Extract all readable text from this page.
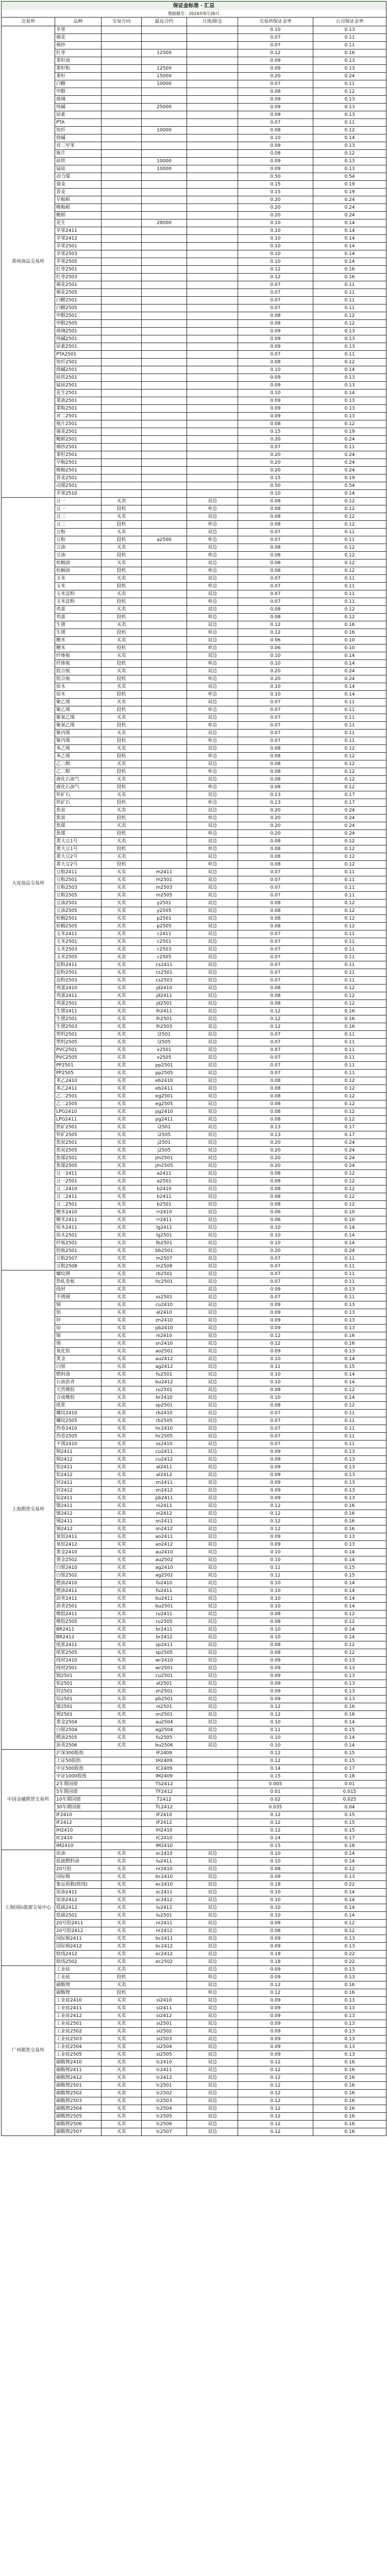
保证金标准 · 汇总						
数据截至：2024年8月26日						
交易所	品种	交易方向	最近合约	月度/限仓	交易所保证金率	公司保证金率
郑州商品交易所	苹果				0.10	0.13
	棉花				0.07	0.11
	棉纱				0.07	0.11
	红枣		12500		0.12	0.16
	菜籽油				0.09	0.13
	菜籽粕		12500		0.09	0.13
	菜籽		15000		0.20	0.24
	白糖		10000		0.07	0.11
	甲醇				0.08	0.12
	玻璃				0.09	0.13
	纯碱		25000		0.09	0.13
	尿素				0.09	0.13
	PTA				0.07	0.11
	短纤		10000		0.08	0.12
	烧碱				0.10	0.14
	对二甲苯				0.09	0.13
	瓶片				0.08	0.12
	硅铁		10000		0.09	0.13
	锰硅		10000		0.09	0.13
	动力煤				0.50	0.54
	强麦				0.15	0.19
	普麦				0.15	0.19
	早籼稻				0.20	0.24
	晚籼稻				0.20	0.24
	粳稻				0.20	0.24
	花生		28000		0.10	0.14
	苹果2411				0.10	0.14
	苹果2412				0.10	0.14
	苹果2501				0.10	0.14
	苹果2503				0.10	0.14
	苹果2505				0.10	0.14
	红枣2501				0.12	0.16
	红枣2503				0.12	0.16
	棉花2501				0.07	0.11
	棉花2505				0.07	0.11
	白糖2501				0.07	0.11
	白糖2505				0.07	0.11
	甲醇2501				0.08	0.12
	甲醇2505				0.08	0.12
	玻璃2501				0.09	0.13
	纯碱2501				0.09	0.13
	尿素2501				0.09	0.13
	PTA2501				0.07	0.11
	短纤2501				0.08	0.12
	烧碱2501				0.10	0.14
	硅铁2501				0.09	0.13
	锰硅2501				0.09	0.13
	花生2501				0.10	0.14
	菜油2501				0.09	0.13
	菜粕2501				0.09	0.13
	对二2501				0.09	0.13
	瓶片2501				0.08	0.12
	强麦2501				0.15	0.19
	粳稻2501				0.20	0.24
	棉纱2501				0.07	0.11
	菜籽2501				0.20	0.24
	早籼2501				0.20	0.24
	晚籼2501				0.20	0.24
	普麦2501				0.15	0.19
	动煤2501				0.50	0.54
	苹果2510				0.10	0.14
大连商品交易所	豆一	买卖		双边	0.08	0.12
	豆一	投机		单边	0.08	0.12
	豆二	买卖		双边	0.08	0.12
	豆二	投机		单边	0.08	0.12
	豆粕	买卖		双边	0.07	0.11
	豆粕	投机	a2500	单边	0.07	0.11
	豆油	买卖		双边	0.08	0.12
	豆油	投机		单边	0.08	0.12
	棕榈油	买卖		双边	0.08	0.12
	棕榈油	投机		单边	0.08	0.12
	玉米	买卖		双边	0.07	0.11
	玉米	投机		单边	0.07	0.11
	玉米淀粉	买卖		双边	0.07	0.11
	玉米淀粉	投机		单边	0.07	0.11
	鸡蛋	买卖		双边	0.08	0.12
	鸡蛋	投机		单边	0.08	0.12
	生猪	买卖		双边	0.12	0.16
	生猪	投机		单边	0.12	0.16
	粳米	买卖		双边	0.06	0.10
	粳米	投机		单边	0.06	0.10
	纤维板	买卖		双边	0.10	0.14
	纤维板	投机		单边	0.10	0.14
	胶合板	买卖		双边	0.20	0.24
	胶合板	投机		单边	0.20	0.24
	原木	买卖		双边	0.10	0.14
	原木	投机		单边	0.10	0.14
	聚乙烯	买卖		双边	0.07	0.11
	聚乙烯	投机		单边	0.07	0.11
	聚氯乙烯	买卖		双边	0.07	0.11
	聚氯乙烯	投机		单边	0.07	0.11
	聚丙烯	买卖		双边	0.07	0.11
	聚丙烯	投机		单边	0.07	0.11
	苯乙烯	买卖		双边	0.08	0.12
	苯乙烯	投机		单边	0.08	0.12
	乙二醇	买卖		双边	0.08	0.12
	乙二醇	投机		单边	0.08	0.12
	液化石油气	买卖		双边	0.08	0.12
	液化石油气	投机		单边	0.08	0.12
	铁矿石	买卖		双边	0.13	0.17
	铁矿石	投机		单边	0.13	0.17
	焦炭	买卖		双边	0.20	0.24
	焦炭	投机		单边	0.20	0.24
	焦煤	买卖		双边	0.20	0.24
	焦煤	投机		单边	0.20	0.24
	黄大豆1号	买卖		双边	0.08	0.12
	黄大豆1号	投机		单边	0.08	0.12
	黄大豆2号	买卖		双边	0.08	0.12
	黄大豆2号	投机		单边	0.08	0.12
	豆粕2411	买卖	m2411	双边	0.07	0.11
	豆粕2501	买卖	m2501	双边	0.07	0.11
	豆粕2503	买卖	m2503	双边	0.07	0.11
	豆粕2505	买卖	m2505	双边	0.07	0.11
	豆油2501	买卖	y2501	双边	0.08	0.12
	豆油2505	买卖	y2505	双边	0.08	0.12
	棕榈2501	买卖	p2501	双边	0.08	0.12
	棕榈2505	买卖	p2505	双边	0.08	0.12
	玉米2411	买卖	c2411	双边	0.07	0.11
	玉米2501	买卖	c2501	双边	0.07	0.11
	玉米2503	买卖	c2503	双边	0.07	0.11
	玉米2505	买卖	c2505	双边	0.07	0.11
	淀粉2411	买卖	cs2411	双边	0.07	0.11
	淀粉2501	买卖	cs2501	双边	0.07	0.11
	淀粉2503	买卖	cs2503	双边	0.07	0.11
	鸡蛋2410	买卖	jd2410	双边	0.08	0.12
	鸡蛋2411	买卖	jd2411	双边	0.08	0.12
	鸡蛋2501	买卖	jd2501	双边	0.08	0.12
	生猪2411	买卖	lh2411	双边	0.12	0.16
	生猪2501	买卖	lh2501	双边	0.12	0.16
	生猪2503	买卖	lh2503	双边	0.12	0.16
	塑料2501	买卖	l2501	双边	0.07	0.11
	塑料2505	买卖	l2505	双边	0.07	0.11
	PVC2501	买卖	v2501	双边	0.07	0.11
	PVC2505	买卖	v2505	双边	0.07	0.11
	PP2501	买卖	pp2501	双边	0.07	0.11
	PP2505	买卖	pp2505	双边	0.07	0.11
	苯乙2410	买卖	eb2410	双边	0.08	0.12
	苯乙2411	买卖	eb2411	双边	0.08	0.12
	乙二2501	买卖	eg2501	双边	0.08	0.12
	乙二2505	买卖	eg2505	双边	0.08	0.12
	LPG2410	买卖	pg2410	双边	0.08	0.12
	LPG2411	买卖	pg2411	双边	0.08	0.12
	铁矿2501	买卖	i2501	双边	0.13	0.17
	铁矿2505	买卖	i2505	双边	0.13	0.17
	焦炭2501	买卖	j2501	双边	0.20	0.24
	焦炭2505	买卖	j2505	双边	0.20	0.24
	焦煤2501	买卖	jm2501	双边	0.20	0.24
	焦煤2505	买卖	jm2505	双边	0.20	0.24
	豆一2411	买卖	a2411	双边	0.08	0.12
	豆一2501	买卖	a2501	双边	0.08	0.12
	豆二2410	买卖	b2410	双边	0.08	0.12
	豆二2411	买卖	b2411	双边	0.08	0.12
	豆二2501	买卖	b2501	双边	0.08	0.12
	粳米2410	买卖	rr2410	双边	0.06	0.10
	粳米2411	买卖	rr2411	双边	0.06	0.10
	原木2411	买卖	lg2411	双边	0.10	0.14
	原木2501	买卖	lg2501	双边	0.10	0.14
	纤板2501	买卖	fb2501	双边	0.10	0.14
	胶板2501	买卖	bb2501	双边	0.20	0.24
	豆粕2507	买卖	m2507	双边	0.07	0.11
	豆粕2508	买卖	m2508	双边	0.07	0.11
上海期货交易所	螺纹钢	买卖	rb2501	双边	0.07	0.11
	热轧卷板	买卖	hc2501	双边	0.07	0.11
	线材	买卖		双边	0.09	0.13
	不锈钢	买卖	ss2501	双边	0.07	0.11
	铜	买卖	cu2410	双边	0.09	0.13
	铝	买卖	al2410	双边	0.09	0.13
	锌	买卖	zn2410	双边	0.09	0.13
	铅	买卖	pb2410	双边	0.09	0.13
	镍	买卖	ni2410	双边	0.12	0.16
	锡	买卖	sn2410	双边	0.12	0.16
	氧化铝	买卖	ao2501	双边	0.09	0.13
	黄金	买卖	au2412	双边	0.10	0.14
	白银	买卖	ag2412	双边	0.11	0.15
	燃料油	买卖	fu2501	双边	0.10	0.14
	石油沥青	买卖	bu2412	双边	0.10	0.14
	天然橡胶	买卖	ru2501	双边	0.08	0.12
	合成橡胶	买卖	br2410	双边	0.10	0.14
	纸浆	买卖	sp2501	双边	0.08	0.12
	螺纹2410	买卖	rb2410	双边	0.07	0.11
	螺纹2505	买卖	rb2505	双边	0.07	0.11
	热卷2410	买卖	hc2410	双边	0.07	0.11
	热卷2505	买卖	hc2505	双边	0.07	0.11
	不锈2410	买卖	ss2410	双边	0.07	0.11
	铜2411	买卖	cu2411	双边	0.09	0.13
	铜2412	买卖	cu2412	双边	0.09	0.13
	铝2411	买卖	al2411	双边	0.09	0.13
	铝2412	买卖	al2412	双边	0.09	0.13
	锌2411	买卖	zn2411	双边	0.09	0.13
	锌2412	买卖	zn2412	双边	0.09	0.13
	铅2411	买卖	pb2411	双边	0.09	0.13
	镍2411	买卖	ni2411	双边	0.12	0.16
	镍2412	买卖	ni2412	双边	0.12	0.16
	锡2411	买卖	sn2411	双边	0.12	0.16
	锡2412	买卖	sn2412	双边	0.12	0.16
	氧铝2411	买卖	ao2411	双边	0.09	0.13
	氧铝2412	买卖	ao2412	双边	0.09	0.13
	黄金2410	买卖	au2410	双边	0.10	0.14
	黄金2502	买卖	au2502	双边	0.10	0.14
	白银2410	买卖	ag2410	双边	0.11	0.15
	白银2502	买卖	ag2502	双边	0.11	0.15
	燃油2410	买卖	fu2410	双边	0.10	0.14
	燃油2411	买卖	fu2411	双边	0.10	0.14
	沥青2411	买卖	bu2411	双边	0.10	0.14
	沥青2501	买卖	bu2501	双边	0.10	0.14
	橡胶2411	买卖	ru2411	双边	0.08	0.12
	橡胶2505	买卖	ru2505	双边	0.08	0.12
	BR2411	买卖	br2411	双边	0.10	0.14
	BR2412	买卖	br2412	双边	0.10	0.14
	纸浆2411	买卖	sp2411	双边	0.08	0.12
	纸浆2505	买卖	sp2505	双边	0.08	0.12
	线材2410	买卖	wr2410	双边	0.09	0.13
	线材2501	买卖	wr2501	双边	0.09	0.13
	铜2501	买卖	cu2501	双边	0.09	0.13
	铝2501	买卖	al2501	双边	0.09	0.13
	锌2501	买卖	zn2501	双边	0.09	0.13
	铅2501	买卖	pb2501	双边	0.09	0.13
	镍2501	买卖	ni2501	双边	0.12	0.16
	锡2501	买卖	sn2501	双边	0.12	0.16
	黄金2504	买卖	au2504	双边	0.10	0.14
	白银2504	买卖	ag2504	双边	0.11	0.15
	燃油2505	买卖	fu2505	双边	0.10	0.14
	沥青2506	买卖	bu2506	双边	0.10	0.14
中国金融期货交易所	沪深300股指		IF2409		0.12	0.15
	上证50股指		IH2409		0.12	0.15
	中证500股指		IC2409		0.14	0.17
	中证1000股指		IM2409		0.15	0.18
	2年期国债		TS2412		0.005	0.01
	5年期国债		TF2412		0.01	0.015
	10年期国债		T2412		0.02	0.025
	30年期国债		TL2412		0.035	0.04
	IF2410		IF2410		0.12	0.15
	IF2412		IF2412		0.12	0.15
	IH2410		IH2410		0.12	0.15
	IC2410		IC2410		0.14	0.17
	IM2410		IM2410		0.15	0.18
上海国际能源交易中心	原油	买卖	sc2410	双边	0.10	0.14
	低硫燃料油	买卖	lu2411	双边	0.10	0.14
	20号胶	买卖	nr2410	双边	0.08	0.12
	国际铜	买卖	bc2410	双边	0.09	0.13
	集运指数(欧线)	买卖	ec2410	双边	0.18	0.22
	原油2411	买卖	sc2411	双边	0.10	0.14
	原油2412	买卖	sc2412	双边	0.10	0.14
	低硫2412	买卖	lu2412	双边	0.10	0.14
	低硫2501	买卖	lu2501	双边	0.10	0.14
	20号胶2411	买卖	nr2411	双边	0.08	0.12
	20号胶2412	买卖	nr2412	双边	0.08	0.12
	国际铜2411	买卖	bc2411	双边	0.09	0.13
	国际铜2412	买卖	bc2412	双边	0.09	0.13
	欧线2412	买卖	ec2412	双边	0.18	0.22
	欧线2502	买卖	ec2502	双边	0.18	0.22
广州期货交易所	工业硅	买卖		双边	0.09	0.13
	工业硅	投机		单边	0.09	0.13
	碳酸锂	买卖		双边	0.12	0.16
	碳酸锂	投机		单边	0.12	0.16
	工业硅2410	买卖	si2410	双边	0.09	0.13
	工业硅2411	买卖	si2411	双边	0.09	0.13
	工业硅2412	买卖	si2412	双边	0.09	0.13
	工业硅2501	买卖	si2501	双边	0.09	0.13
	工业硅2502	买卖	si2502	双边	0.09	0.13
	工业硅2503	买卖	si2503	双边	0.09	0.13
	工业硅2504	买卖	si2504	双边	0.09	0.13
	工业硅2505	买卖	si2505	双边	0.09	0.13
	碳酸锂2410	买卖	lc2410	双边	0.12	0.16
	碳酸锂2411	买卖	lc2411	双边	0.12	0.16
	碳酸锂2412	买卖	lc2412	双边	0.12	0.16
	碳酸锂2501	买卖	lc2501	双边	0.12	0.16
	碳酸锂2502	买卖	lc2502	双边	0.12	0.16
	碳酸锂2503	买卖	lc2503	双边	0.12	0.16
	碳酸锂2504	买卖	lc2504	双边	0.12	0.16
	碳酸锂2505	买卖	lc2505	双边	0.12	0.16
	碳酸锂2506	买卖	lc2506	双边	0.12	0.16
	碳酸锂2507	买卖	lc2507	双边	0.12	0.16
